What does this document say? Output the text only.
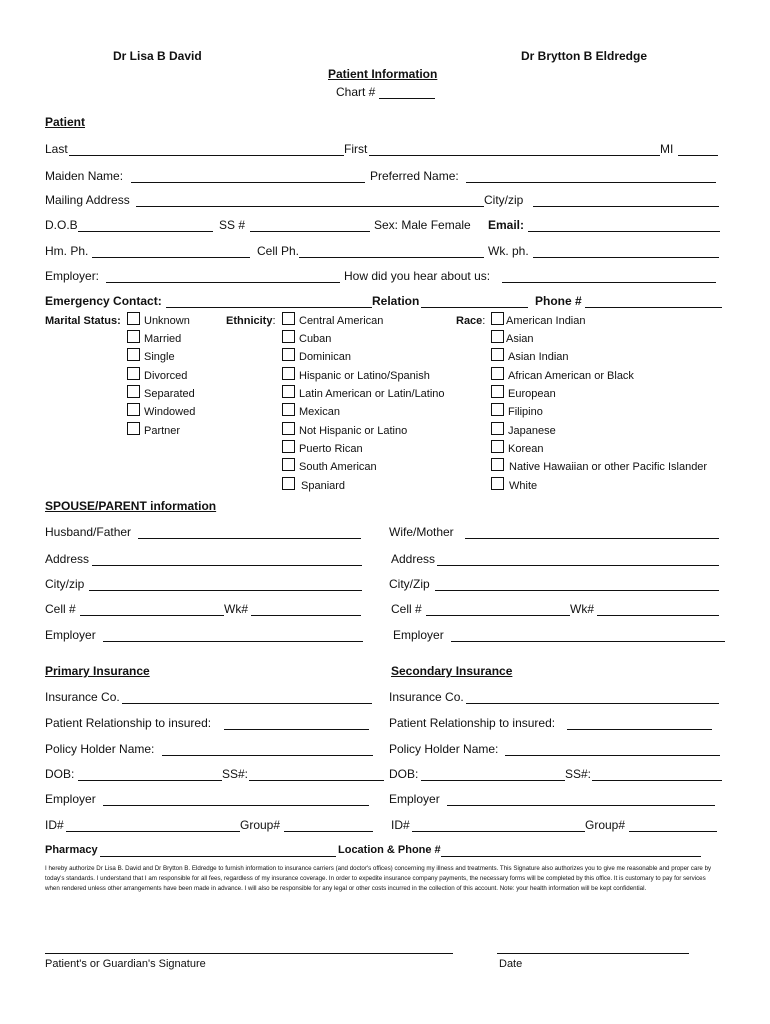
Dr Lisa B David	Dr Brytton B Eldredge
Patient Information
Chart #
Patient
Last	First	MI
Maiden Name:	Preferred Name:
Mailing Address	City/zip
D.O.B	SS #	Sex: Male Female Email:
Hm. Ph.	Cell Ph.	Wk. ph.
Employer:	How did you hear about us:
Emergency Contact:	Relation	Phone #
Marital Status: Unknown
Married
Single
Divorced
Separated
Windowed
Partner
Ethnicity: Central American
Cuban
Dominican
Hispanic or Latino/Spanish
Latin American or Latin/Latino
Mexican
Not Hispanic or Latino
Puerto Rican
South American
Spaniard
Race: American Indian
Asian
Asian Indian
African American or Black
European
Filipino
Japanese
Korean
Native Hawaiian or other Pacific Islander
White
SPOUSE/PARENT information
Husband/Father	Wife/Mother
Address	Address
City/zip	City/Zip
Cell #	Wk#	Cell #	Wk#
Employer	Employer
Primary Insurance	Secondary Insurance
Insurance Co.	Insurance Co.
Patient Relationship to insured:	Patient Relationship to insured:
Policy Holder Name:	Policy Holder Name:
DOB:	SS#:	DOB:	SS#:
Employer	Employer
ID#	Group#	ID#	Group#
Pharmacy	Location & Phone #
I hereby authorize Dr Lisa B. David and Dr Brytton B. Eldredge to furnish information to insurance carriers (and doctor's offices) concerning my illness and treatments. This Signature also authorizes you to give me reasonable and proper care by today's standards. I understand that I am responsible for all fees, regardless of my insurance coverage. In order to expedite insurance company payments, the necessary forms will be completed by this office. It is customary to pay for services when rendered unless other arrangements have been made in advance. I will also be responsible for any legal or other costs incurred in the collection of this account. Note: your health information will be kept confidential.
Patient's or Guardian's Signature	Date
